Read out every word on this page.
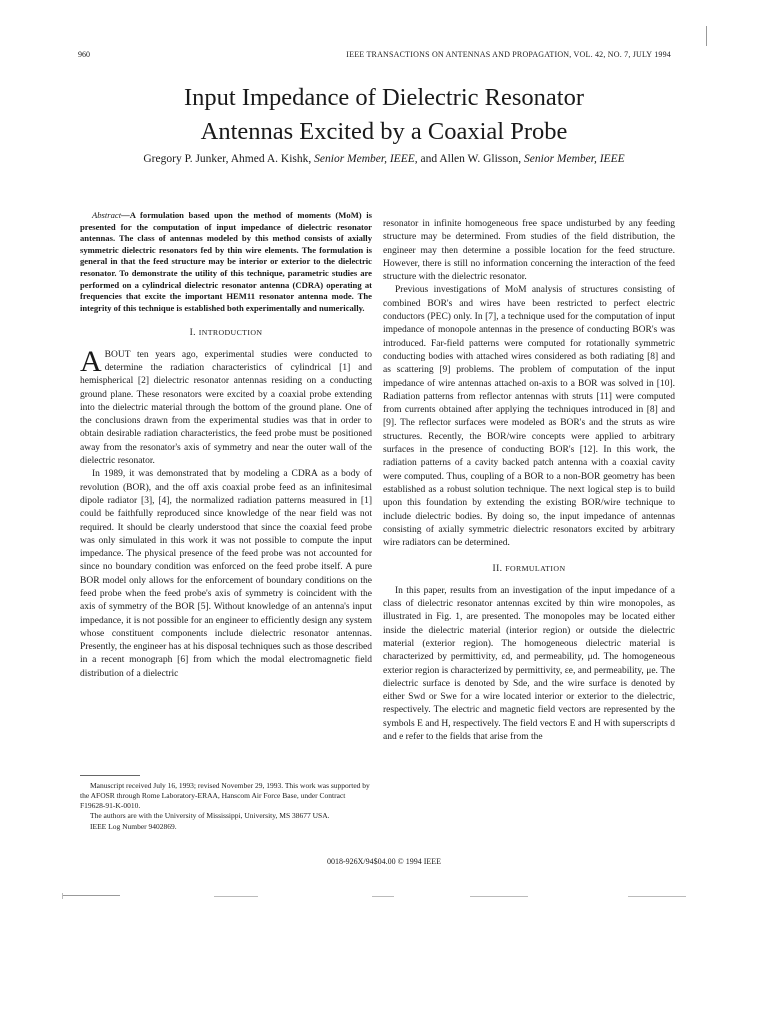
960	IEEE TRANSACTIONS ON ANTENNAS AND PROPAGATION, VOL. 42, NO. 7, JULY 1994
Input Impedance of Dielectric Resonator
Antennas Excited by a Coaxial Probe
Gregory P. Junker, Ahmed A. Kishk, Senior Member, IEEE, and Allen W. Glisson, Senior Member, IEEE

Abstract—A formulation based upon the method of moments (MoM) is presented for the computation of input impedance of dielectric resonator antennas. The class of antennas modeled by this method consists of axially symmetric dielectric resonators fed by thin wire elements. The formulation is general in that the feed structure may be interior or exterior to the dielectric resonator. To demonstrate the utility of this technique, parametric studies are performed on a cylindrical dielectric resonator antenna (CDRA) operating at frequencies that excite the important HEM11 resonator antenna mode. The integrity of this technique is established both experimentally and numerically.

I. INTRODUCTION

ABOUT ten years ago, experimental studies were conducted to determine the radiation characteristics of cylindrical [1] and hemispherical [2] dielectric resonator antennas residing on a conducting ground plane. These resonators were excited by a coaxial probe extending into the dielectric material through the bottom of the ground plane. One of the conclusions drawn from the experimental studies was that in order to obtain desirable radiation characteristics, the feed probe must be positioned away from the resonator's axis of symmetry and near the outer wall of the dielectric resonator.

In 1989, it was demonstrated that by modeling a CDRA as a body of revolution (BOR), and the off axis coaxial probe feed as an infinitesimal dipole radiator [3], [4], the normalized radiation patterns measured in [1] could be faithfully reproduced since knowledge of the near field was not required. It should be clearly understood that since the coaxial feed probe was only simulated in this work it was not possible to compute the input impedance. The physical presence of the feed probe was not accounted for since no boundary condition was enforced on the feed probe itself. A pure BOR model only allows for the enforcement of boundary conditions on the feed probe when the feed probe's axis of symmetry is coincident with the axis of symmetry of the BOR [5]. Without knowledge of an antenna's input impedance, it is not possible for an engineer to efficiently design any system whose constituent components include dielectric resonator antennas. Presently, the engineer has at his disposal techniques such as those described in a recent monograph [6] from which the modal electromagnetic field distribution of a dielectric

Manuscript received July 16, 1993; revised November 29, 1993. This work was supported by the AFOSR through Rome Laboratory-ERAA, Hanscom Air Force Base, under Contract F19628-91-K-0010.

The authors are with the University of Mississippi, University, MS 38677 USA.

IEEE Log Number 9402869.

resonator in infinite homogeneous free space undisturbed by any feeding structure may be determined. From studies of the field distribution, the engineer may then determine a possible location for the feed structure. However, there is still no information concerning the interaction of the feed structure with the dielectric resonator.

Previous investigations of MoM analysis of structures consisting of combined BOR's and wires have been restricted to perfect electric conductors (PEC) only. In [7], a technique used for the computation of input impedance of monopole antennas in the presence of conducting BOR's was introduced. Far-field patterns were computed for rotationally symmetric conducting bodies with attached wires considered as both radiating [8] and as scattering [9] problems. The problem of computation of the input impedance of wire antennas attached on-axis to a BOR was solved in [10]. Radiation patterns from reflector antennas with struts [11] were computed from currents obtained after applying the techniques introduced in [8] and [9]. The reflector surfaces were modeled as BOR's and the struts as wire structures. Recently, the BOR/wire concepts were applied to arbitrary surfaces in the presence of conducting BOR's [12]. In this work, the radiation patterns of a cavity backed patch antenna with a coaxial cavity were computed. Thus, coupling of a BOR to a non-BOR geometry has been established as a robust solution technique. The next logical step is to build upon this foundation by extending the existing BOR/wire technique to include dielectric bodies. By doing so, the input impedance of antennas consisting of axially symmetric dielectric resonators excited by arbitrary wire radiators can be determined.

II. FORMULATION

In this paper, results from an investigation of the input impedance of a class of dielectric resonator antennas excited by thin wire monopoles, as illustrated in Fig. 1, are presented. The monopoles may be located either inside the dielectric material (interior region) or outside the dielectric material (exterior region). The homogeneous dielectric material is characterized by permittivity, εd, and permeability, μd. The homogeneous exterior region is characterized by permittivity, εe, and permeability, μe. The dielectric surface is denoted by Sde, and the wire surface is denoted by either Swd or Swe for a wire located interior or exterior to the dielectric, respectively. The electric and magnetic field vectors are represented by the symbols E and H, respectively. The field vectors E and H with superscripts d and e refer to the fields that arise from the

0018-926X/94$04.00 © 1994 IEEE
